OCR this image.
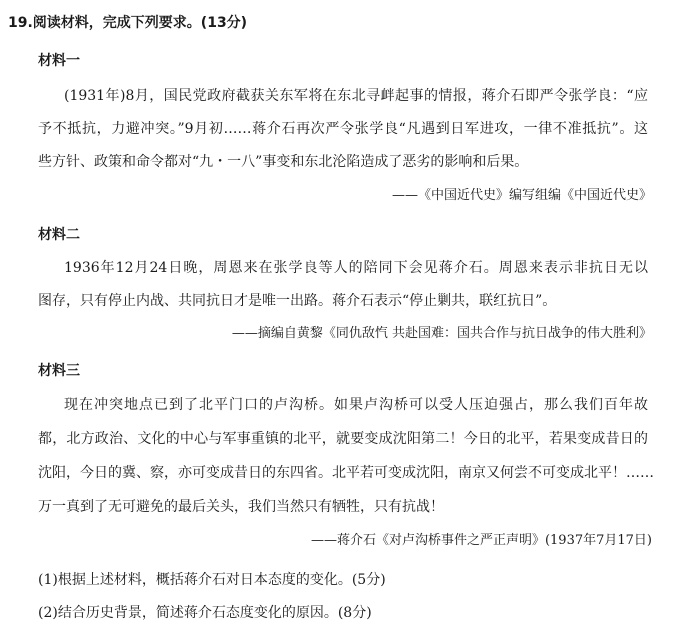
19.阅读材料，完成下列要求。(13分)
材料一
(1931年)8月，国民党政府截获关东军将在东北寻衅起事的情报，蒋介石即严令张学良：“应
予不抵抗，力避冲突。”9月初……蒋介石再次严令张学良“凡遇到日军进攻，一律不准抵抗”。这
些方针、政策和命令都对“九・一八”事变和东北沦陷造成了恶劣的影响和后果。
——《中国近代史》编写组编《中国近代史》
材料二
1936年12月24日晚，周恩来在张学良等人的陪同下会见蒋介石。周恩来表示非抗日无以
图存，只有停止内战、共同抗日才是唯一出路。蒋介石表示“停止剿共，联红抗日”。
——摘编自黄黎《同仇敌忾 共赴国难：国共合作与抗日战争的伟大胜利》
材料三
现在冲突地点已到了北平门口的卢沟桥。如果卢沟桥可以受人压迫强占，那么我们百年故
都，北方政治、文化的中心与军事重镇的北平，就要变成沈阳第二！今日的北平，若果变成昔日的
沈阳，今日的冀、察，亦可变成昔日的东四省。北平若可变成沈阳，南京又何尝不可变成北平！……
万一真到了无可避免的最后关头，我们当然只有牺牲，只有抗战！
——蒋介石《对卢沟桥事件之严正声明》(1937年7月17日)
(1)根据上述材料，概括蒋介石对日本态度的变化。(5分)
(2)结合历史背景，简述蒋介石态度变化的原因。(8分)
